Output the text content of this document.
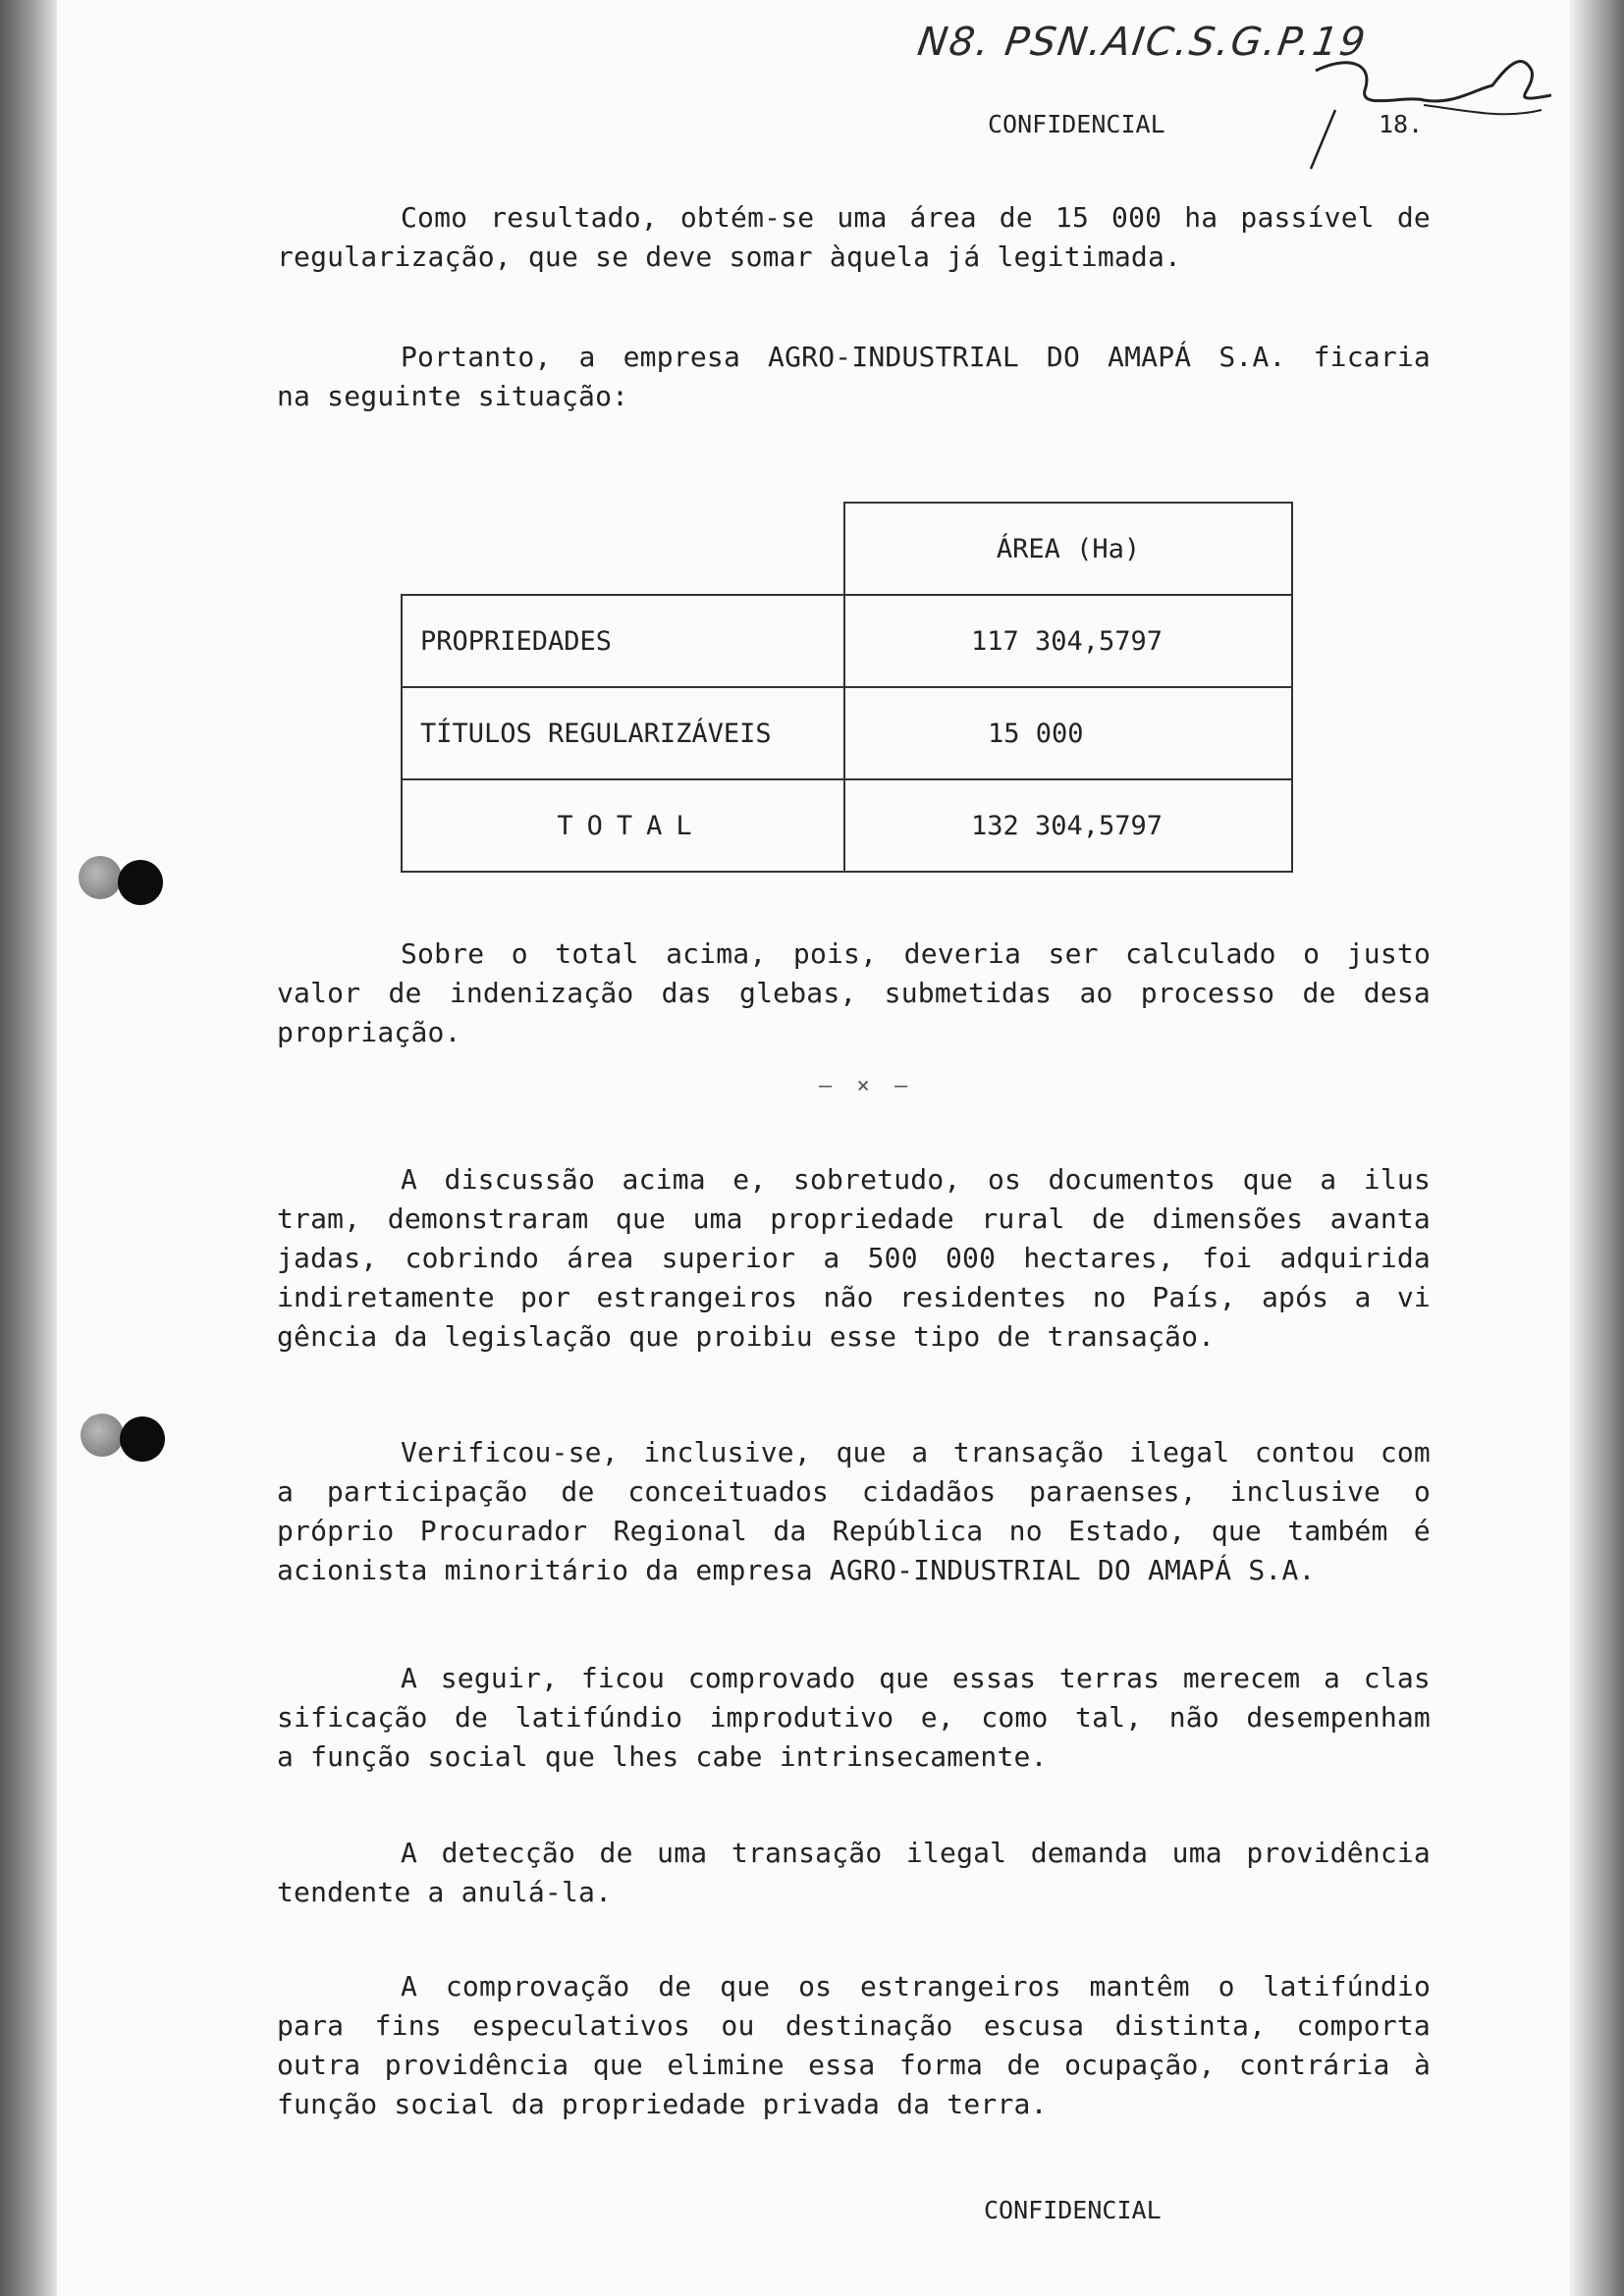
N8. PSN.AIC.S.G.P.19
CONFIDENCIAL	18.
Como resultado, obtém-se uma área de 15 000 ha passível de
regularização, que se deve somar àquela já legitimada.
Portanto, a empresa AGRO-INDUSTRIAL DO AMAPÁ S.A. ficaria
na seguinte situação:
	ÁREA (Ha)
PROPRIEDADES	117 304,5797
TÍTULOS REGULARIZÁVEIS	15 000
TOTAL	132 304,5797
Sobre o total acima, pois, deveria ser calculado o justo
valor de indenização das glebas, submetidas ao processo de desa
propriação.
— × —
A discussão acima e, sobretudo, os documentos que a ilus
tram, demonstraram que uma propriedade rural de dimensões avanta
jadas, cobrindo área superior a 500 000 hectares, foi adquirida
indiretamente por estrangeiros não residentes no País, após a vi
gência da legislação que proibiu esse tipo de transação.
Verificou-se, inclusive, que a transação ilegal contou com
a participação de conceituados cidadãos paraenses, inclusive o
próprio Procurador Regional da República no Estado, que também é
acionista minoritário da empresa AGRO-INDUSTRIAL DO AMAPÁ S.A.
A seguir, ficou comprovado que essas terras merecem a clas
sificação de latifúndio improdutivo e, como tal, não desempenham
a função social que lhes cabe intrinsecamente.
A detecção de uma transação ilegal demanda uma providência
tendente a anulá-la.
A comprovação de que os estrangeiros mantêm o latifúndio
para fins especulativos ou destinação escusa distinta, comporta
outra providência que elimine essa forma de ocupação, contrária à
função social da propriedade privada da terra.
CONFIDENCIAL
